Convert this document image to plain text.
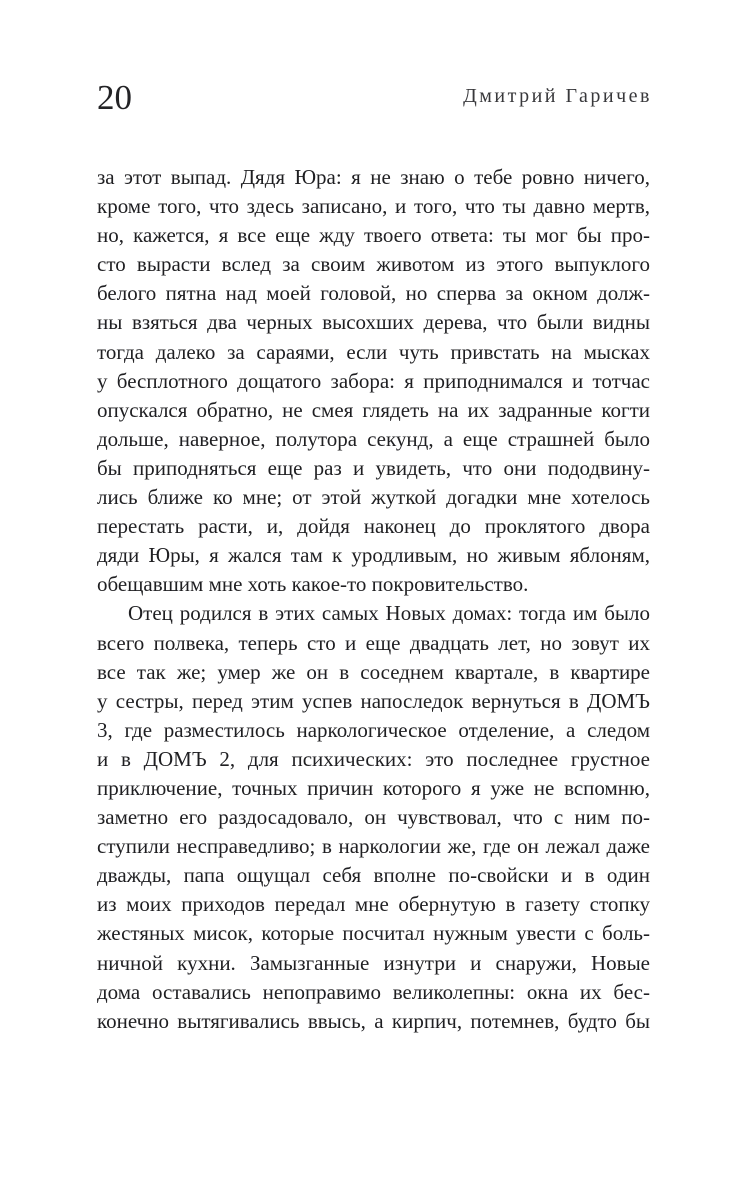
20	Дмитрий Гаричев
за этот выпад. Дядя Юра: я не знаю о тебе ровно ничего,
кроме того, что здесь записано, и того, что ты давно мертв,
но, кажется, я все еще жду твоего ответа: ты мог бы про-
сто вырасти вслед за своим животом из этого выпуклого
белого пятна над моей головой, но сперва за окном долж-
ны взяться два черных высохших дерева, что были видны
тогда далеко за сараями, если чуть привстать на мысках
у бесплотного дощатого забора: я приподнимался и тотчас
опускался обратно, не смея глядеть на их задранные когти
дольше, наверное, полутора секунд, а еще страшней было
бы приподняться еще раз и увидеть, что они пододвину-
лись ближе ко мне; от этой жуткой догадки мне хотелось
перестать расти, и, дойдя наконец до проклятого двора
дяди Юры, я жался там к уродливым, но живым яблоням,
обещавшим мне хоть какое-то покровительство.
Отец родился в этих самых Новых домах: тогда им было
всего полвека, теперь сто и еще двадцать лет, но зовут их
все так же; умер же он в соседнем квартале, в квартире
у сестры, перед этим успев напоследок вернуться в ДОМЪ
3, где разместилось наркологическое отделение, а следом
и в ДОМЪ 2, для психических: это последнее грустное
приключение, точных причин которого я уже не вспомню,
заметно его раздосадовало, он чувствовал, что с ним по-
ступили несправедливо; в наркологии же, где он лежал даже
дважды, папа ощущал себя вполне по-свойски и в один
из моих приходов передал мне обернутую в газету стопку
жестяных мисок, которые посчитал нужным увести с боль-
ничной кухни. Замызганные изнутри и снаружи, Новые
дома оставались непоправимо великолепны: окна их бес-
конечно вытягивались ввысь, а кирпич, потемнев, будто бы
